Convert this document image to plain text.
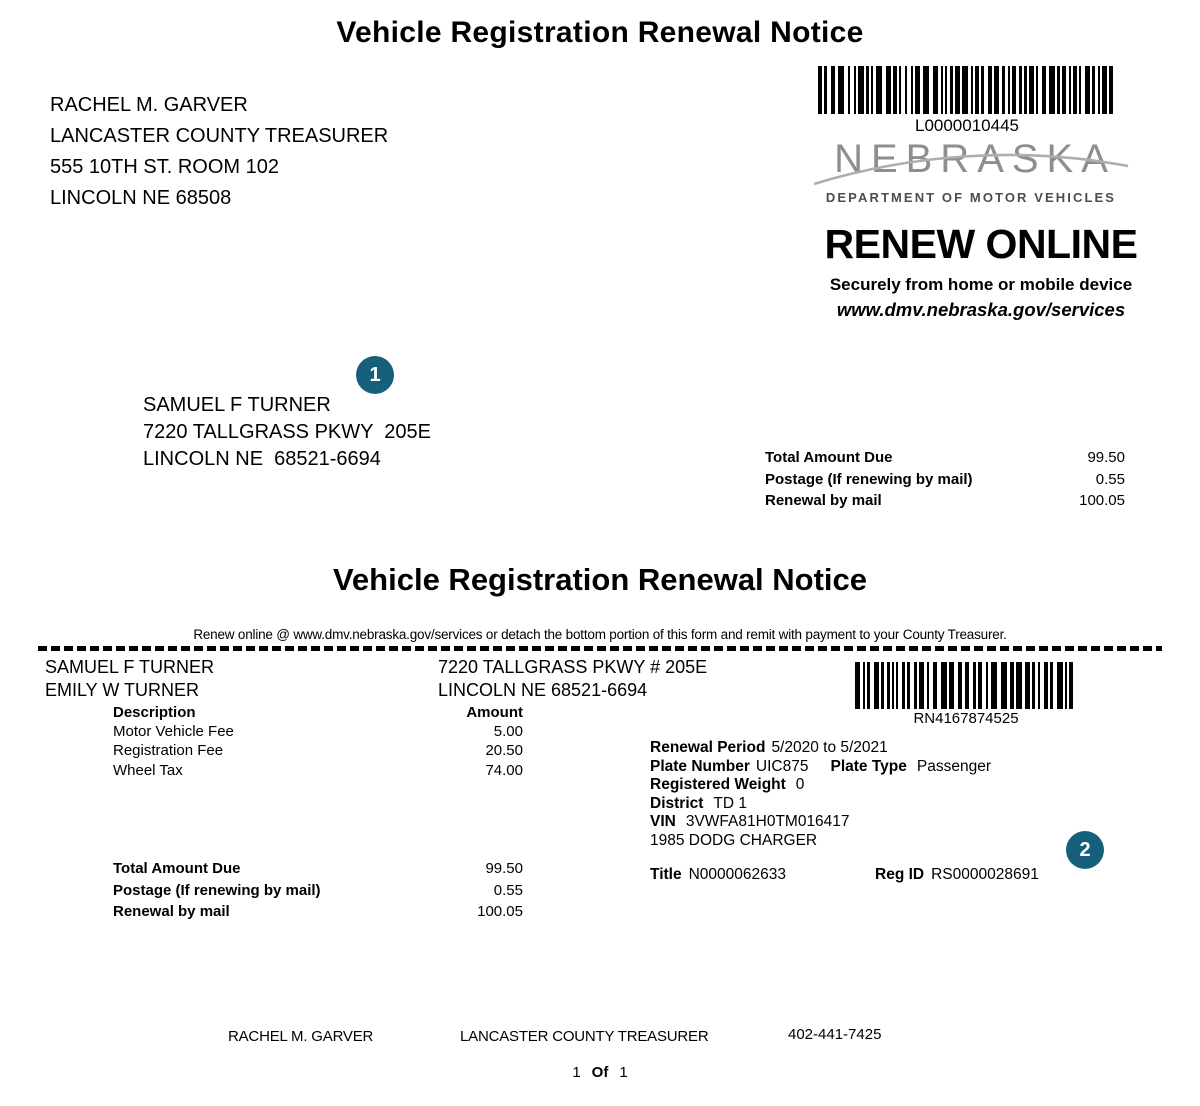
Vehicle Registration Renewal Notice
RACHEL M. GARVER
LANCASTER COUNTY TREASURER
555 10TH ST. ROOM 102
LINCOLN NE 68508
L0000010445
NEBRASKA
DEPARTMENT OF MOTOR VEHICLES
RENEW ONLINE
Securely from home or mobile device
www.dmv.nebraska.gov/services
1
SAMUEL F TURNER
7220 TALLGRASS PKWY  205E
LINCOLN NE  68521-6694	Total Amount Due	99.50
Postage (If renewing by mail)	0.55
Renewal by mail	100.05
Vehicle Registration Renewal Notice
Renew online @ www.dmv.nebraska.gov/services or detach the bottom portion of this form and remit with payment to your County Treasurer.
SAMUEL F TURNER
EMILY W TURNER
7220 TALLGRASS PKWY # 205E
LINCOLN NE 68521-6694
RN4167874525
Description	Amount
Motor Vehicle Fee	5.00
Registration Fee	20.50
Wheel Tax	74.00
Renewal Period 5/2020 to 5/2021
Plate Number UIC875 Plate Type Passenger
Registered Weight 0
District TD 1
VIN 3VWFA81H0TM016417
1985 DODG CHARGER
Total Amount Due	99.50
Postage (If renewing by mail)	0.55
Renewal by mail	100.05
Title N0000062633	Reg ID RS0000028691
2
RACHEL M. GARVER	LANCASTER COUNTY TREASURER	402-441-7425
1 Of 1
